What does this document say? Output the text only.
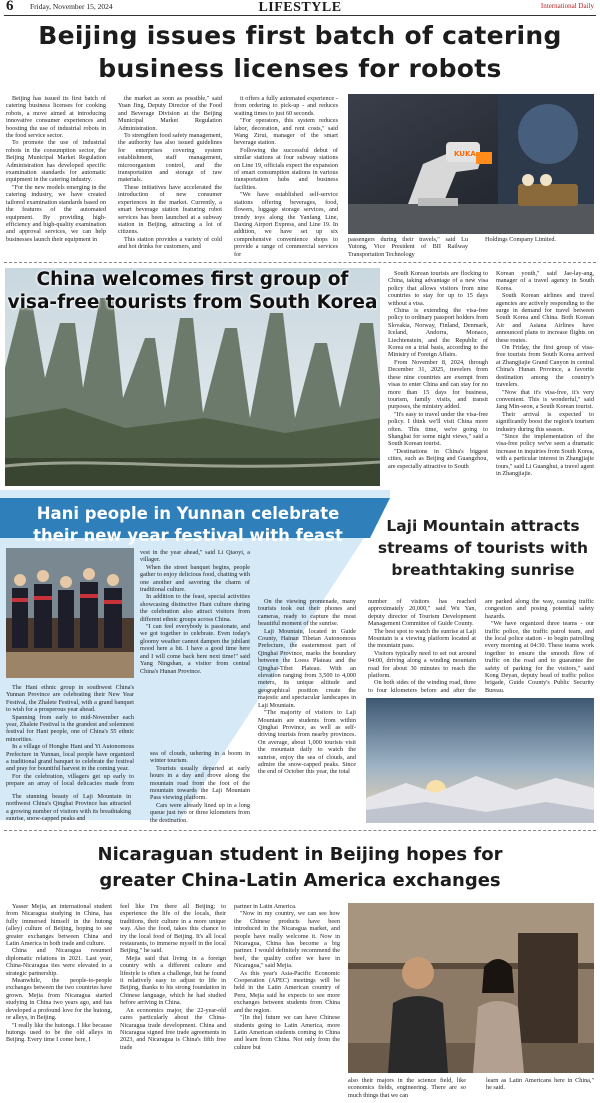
6 Friday, November 15, 2024	LIFESTYLE	International Daily
Beijing issues first batch of catering
business licenses for robots

Beijing has issued its first batch of catering business licenses for cooking robots, a move aimed at introducing innovative consumer experiences and boosting the use of industrial robots in the food service sector.

To promote the use of industrial robots in the consumption sector, the Beijing Municipal Market Regulation Administration has developed specific examination standards for automatic equipment in the catering industry.

"For the new models emerging in the catering industry, we have created tailored examination standards based on the features of the automated equipment. By providing high-efficiency and high-quality examination and approval services, we can help businesses launch their equipment in

the market as soon as possible," said Yuan Jing, Deputy Director of the Food and Beverage Division at the Beijing Municipal Market Regulation Administration.

To strengthen food safety management, the authority has also issued guidelines for enterprises covering system establishment, staff management, microorganism control, and the transportation and storage of raw materials.

These initiatives have accelerated the introduction of new consumer experiences in the market. Currently, a smart beverage station featuring robot services has been launched at a subway station in Beijing, attracting a lot of citizens.

This station provides a variety of cold and hot drinks for customers, and

it offers a fully automated experience - from ordering to pick-up - and reduces waiting times to just 60 seconds.

"For operators, this system reduces labor, decoration, and rent costs," said Wang Zirui, manager of the smart beverage station.

Following the successful debut of similar stations at four subway stations on Line 19, officials expect the expansion of smart consumption stations in various transportation hubs and business facilities.

"We have established self-service stations offering beverages, food, flowers, luggage storage services, and trendy toys along the Yanfang Line, Daxing Airport Express, and Line 19. In addition, we have set up six comprehensive convenience shops to provide a range of commercial services for

KUKA

passengers during their travels," said Lu Yutong, Vice President of BII Railway Transportation Technology

Holdings Company Limited.

China welcomes first group of
visa-free tourists from South Korea

South Korean tourists are flocking to China, taking advantage of a new visa policy that allows visitors from nine countries to stay for up to 15 days without a visa.

China is extending the visa-free policy to ordinary passport holders from Slovakia, Norway, Finland, Denmark, Iceland, Andorra, Monaco, Liechtenstein, and the Republic of Korea on a trial basis, according to the Ministry of Foreign Affairs.

From November 8, 2024, through December 31, 2025, travelers from these nine countries are exempt from visas to enter China and can stay for no more than 15 days for business, tourism, family visits, and transit purposes, the ministry added.

"It's easy to travel under the visa-free policy. I think we'll visit China more often. This time, we're going to Shanghai for some night views," said a South Korean tourist.

"Destinations in China's biggest cities, such as Beijing and Guangzhou, are especially attractive to South

Korean youth," said Jae-lay-ang, manager of a travel agency in South Korea.

South Korean airlines and travel agencies are actively responding to the surge in demand for travel between South Korea and China. Both Korean Air and Asiana Airlines have announced plans to increase flights on these routes.

On Friday, the first group of visa-free tourists from South Korea arrived at Zhangjiajie Grand Canyon in central China's Hunan Province, a favorite destination among the country's travelers.

"Now that it's visa-free, it's very convenient. This is wonderful," said Jang Min-seon, a South Korean tourist.

Their arrival is expected to significantly boost the region's tourism industry during this season.

"Since the implementation of the visa-free policy we've seen a dramatic increase in inquiries from South Korea, with a particular interest in Zhangjiajie tours," said Li Guanghui, a travel agent in Zhangjiajie.

Hani people in Yunnan celebrate
their new year festival with feast

The Hani ethnic group in southwest China's Yunnan Province are celebrating their New Year Festival, the Zhalete Festival, with a grand banquet to wish for a prosperous year ahead.

Spanning from early to mid-November each year, Zhalete Festival is the grandest and solemnest festival for Hani people, one of China's 55 ethnic minorities.

In a village of Honghe Hani and Yi Autonomous Prefecture in Yunnan, local people have organized a traditional grand banquet to celebrate the festival and pray for bountiful harvest in the coming year.

For the celebration, villagers get up early to prepare an array of local delicacies made from

vest in the year ahead," said Li Qiaoyi, a villager.

When the street banquet begins, people gather to enjoy delicious food, chatting with one another and savoring the charm of traditional culture.

In addition to the feast, special activities showcasing distinctive Hani culture during the celebration also attract visitors from different ethnic groups across China.

"I can feel everybody is passionate, and we got together to celebrate. Even today's gloomy weather cannot dampen the jubilant mood here a bit. I have a good time here and I will come back here next time!" said Yang Ningshan, a visitor from central China's Hunan Province.

Laji Mountain attracts
streams of tourists with
breathtaking sunrise

The stunning beauty of Laji Mountain in northwest China's Qinghai Province has attracted a growing number of visitors with its breathtaking sunrise, snow-capped peaks and

sea of clouds, ushering in a boom in winter tourism.

Tourists usually departed at early hours in a day and drove along the mountain road from the foot of the mountain towards the Laji Mountain Pass viewing platform.

Cars were already lined up in a long queue just two or three kilometers from the destination.

On the viewing promenade, many tourists took out their phones and cameras, ready to capture the most beautiful moment of the sunrise.

Laji Mountain, located in Guide County, Hainan Tibetan Autonomous Prefecture, the easternmost part of Qinghai Province, marks the boundary between the Loess Plateau and the Qinghai-Tibet Plateau. With an elevation ranging from 3,500 to 4,000 meters, its unique altitude and geographical position create the majestic and spectacular landscapes in Laji Mountain.

"The majority of visitors to Laji Mountain are students from within Qinghai Province, as well as self-driving tourists from nearby provinces. On average, about 1,000 tourists visit the mountain daily to watch the sunrise, enjoy the sea of clouds, and admire the snow-capped peaks. Since the end of October this year, the total

number of visitors has reached approximately 20,000," said Wu Yan, deputy director of Tourism Development Management Committee of Guide County.

The best spot to watch the sunrise at Laji Mountain is a viewing platform located at the mountain pass.

Visitors typically need to set out around 04:00, driving along a winding mountain road for about 30 minutes to reach the platform.

On both sides of the winding road, three to four kilometers before and after the

are parked along the way, causing traffic congestion and posing potential safety hazards.

"We have organized three teams - our traffic police, the traffic patrol team, and the local police station - to begin patrolling every morning at 04:30. These teams work together to ensure the smooth flow of traffic on the road and to guarantee the safety of parking for the visitors," said Kong Deyan, deputy head of traffic police brigade, Guide County's Public Security Bureau.

Nicaraguan student in Beijing hopes for
greater China-Latin America exchanges

Yasser Mejia, an international student from Nicaragua studying in China, has fully immersed himself in the hutong (alley) culture of Beijing, hoping to see greater exchanges between China and Latin America in both trade and culture.

China and Nicaragua resumed diplomatic relations in 2021. Last year, China-Nicaragua ties were elevated to a strategic partnership.

Meanwhile, the people-to-people exchanges between the two countries have grown. Mejia from Nicaragua started studying in China two years ago, and has developed a profound love for the hutong, or alleys, in Beijing.

"I really like the hutongs. I like because hutongs used to be the old alleys in Beijing. Every time I come here, I

feel like I'm there all Beijing; to experience the life of the locals, their traditions, their culture in a more unique way. Also the food, takes this chance to try the local food of Beijing. It's all local restaurants, to immerse myself in the local Beijing," he said.

Mejia said that living in a foreign country with a different culture and lifestyle is often a challenge, but he found it relatively easy to adjust to life in Beijing, thanks to his strong foundation in Chinese language, which he had studied before arriving in China.

An economics major, the 22-year-old cares particularly about the China-Nicaragua trade development. China and Nicaragua signed free trade agreements in 2023, and Nicaragua is China's fifth free trade

partner in Latin America.

"Now in my country, we can see how the Chinese products have been introduced in the Nicaragua market, and people have really welcome it. Now in Nicaragua, China has become a big partner. I would definitely recommend the beef, the quality coffee we have in Nicaragua," said Mejia.

As this year's Asia-Pacific Economic Cooperation (APEC) meetings will be held in the Latin American country of Peru, Mejia said he expects to see more exchanges between students from China and the region.

"[In the] future we can have Chinese students going to Latin America, more Latin American students coming to China and learn from China. Not only from the culture but

also their majors in the science field, like economics fields, engineering. There are so much things that we can

learn as Latin Americans here in China," he said.
